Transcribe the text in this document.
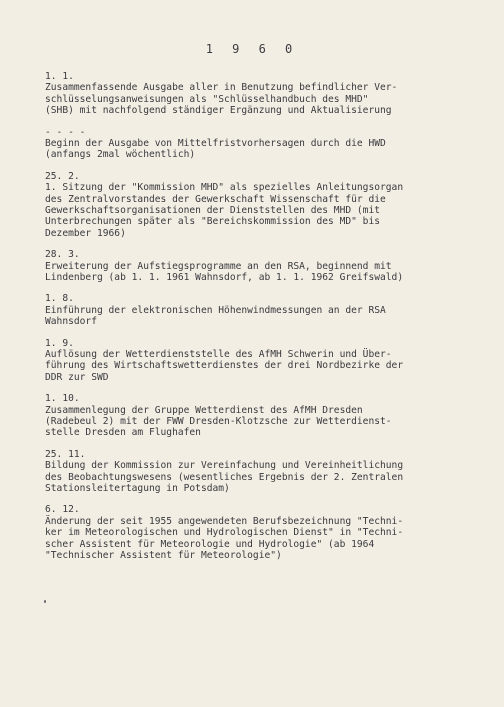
1 9 6 0
1. 1.
Zusammenfassende Ausgabe aller in Benutzung befindlicher Ver-
schlüsselungsanweisungen als "Schlüsselhandbuch des MHD"
(SHB) mit nachfolgend ständiger Ergänzung und Aktualisierung
- - - -
Beginn der Ausgabe von Mittelfristvorhersagen durch die HWD
(anfangs 2mal wöchentlich)
25. 2.
1. Sitzung der "Kommission MHD" als spezielles Anleitungsorgan
des Zentralvorstandes der Gewerkschaft Wissenschaft für die
Gewerkschaftsorganisationen der Dienststellen des MHD (mit
Unterbrechungen später als "Bereichskommission des MD" bis
Dezember 1966)
28. 3.
Erweiterung der Aufstiegsprogramme an den RSA, beginnend mit
Lindenberg (ab 1. 1. 1961 Wahnsdorf, ab 1. 1. 1962 Greifswald)
1. 8.
Einführung der elektronischen Höhenwindmessungen an der RSA
Wahnsdorf
1. 9.
Auflösung der Wetterdienststelle des AfMH Schwerin und Über-
führung des Wirtschaftswetterdienstes der drei Nordbezirke der
DDR zur SWD
1. 10.
Zusammenlegung der Gruppe Wetterdienst des AfMH Dresden
(Radebeul 2) mit der FWW Dresden-Klotzsche zur Wetterdienst-
stelle Dresden am Flughafen
25. 11.
Bildung der Kommission zur Vereinfachung und Vereinheitlichung
des Beobachtungswesens (wesentliches Ergebnis der 2. Zentralen
Stationsleitertagung in Potsdam)
6. 12.
Änderung der seit 1955 angewendeten Berufsbezeichnung "Techni-
ker im Meteorologischen und Hydrologischen Dienst" in "Techni-
scher Assistent für Meteorologie und Hydrologie" (ab 1964
"Technischer Assistent für Meteorologie")
